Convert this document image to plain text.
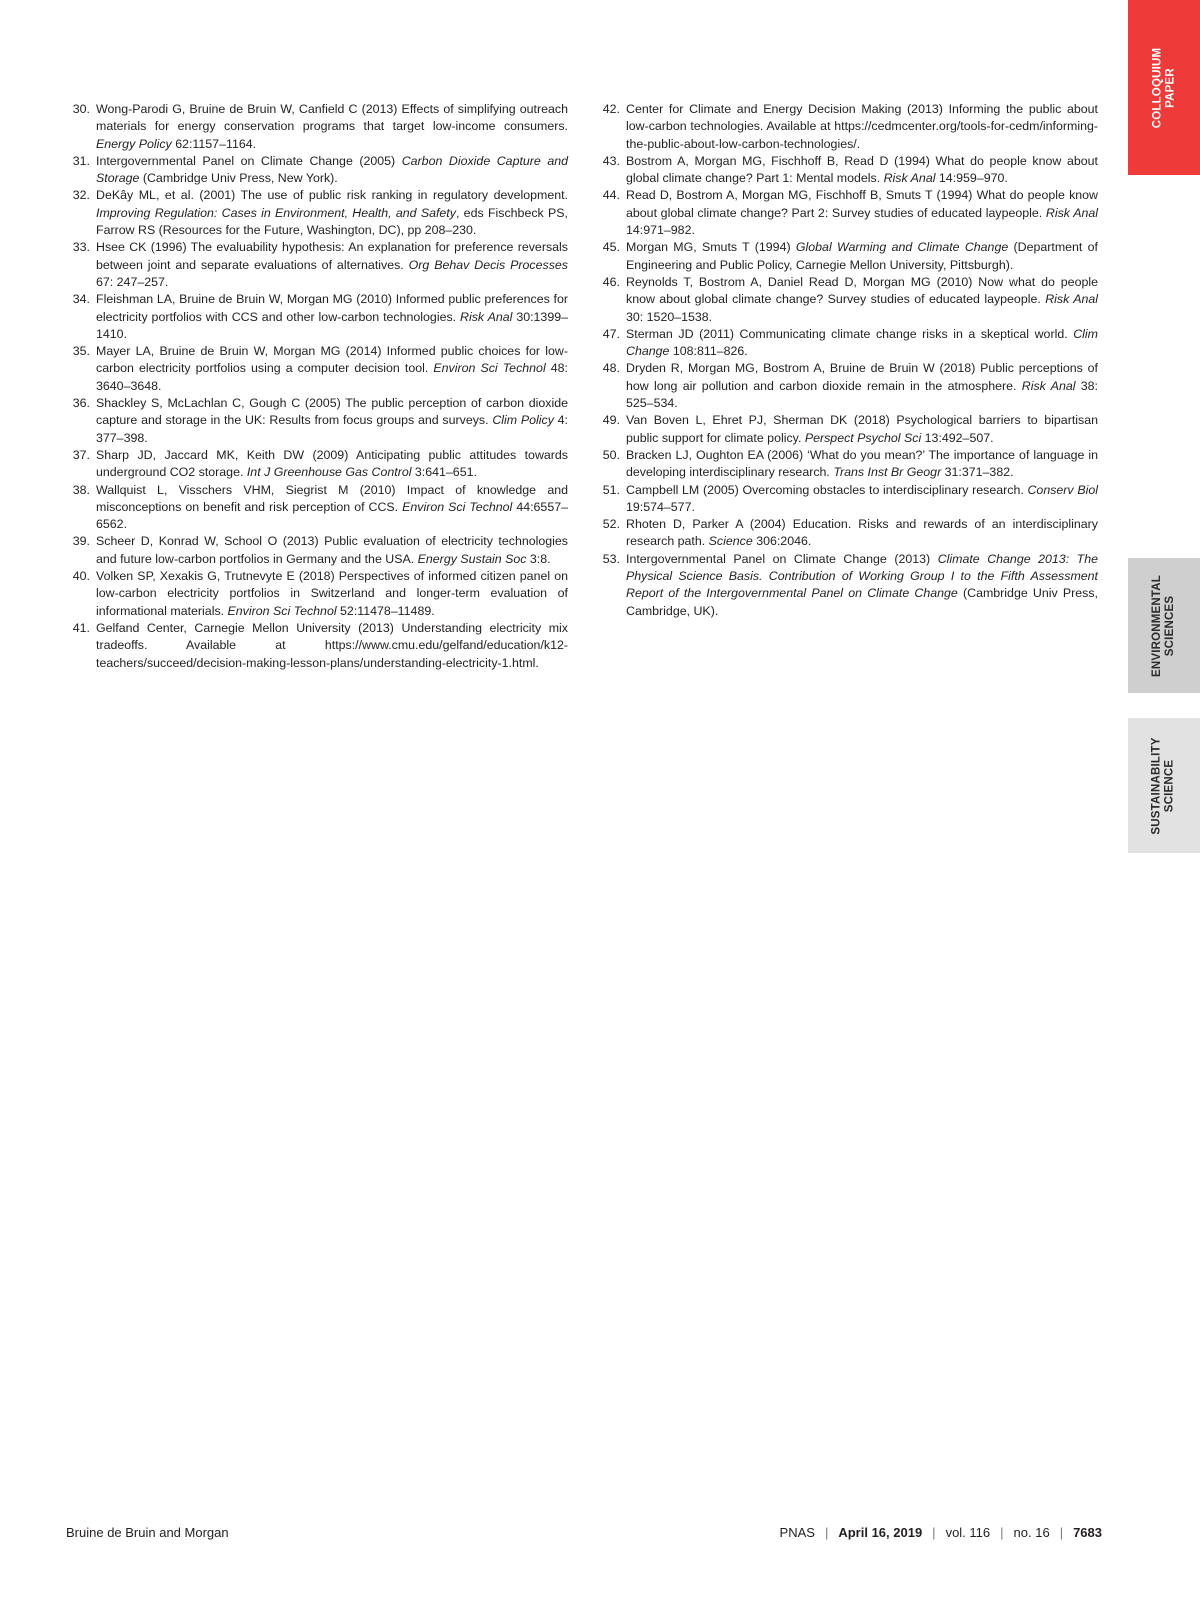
COLLOQUIUM
PAPER
ENVIRONMENTAL
SCIENCES
SUSTAINABILITY
SCIENCE
30. Wong-Parodi G, Bruine de Bruin W, Canfield C (2013) Effects of simplifying outreach materials for energy conservation programs that target low-income consumers. Energy Policy 62:1157–1164.
31. Intergovernmental Panel on Climate Change (2005) Carbon Dioxide Capture and Storage (Cambridge Univ Press, New York).
32. DeKây ML, et al. (2001) The use of public risk ranking in regulatory development. Improving Regulation: Cases in Environment, Health, and Safety, eds Fischbeck PS, Farrow RS (Resources for the Future, Washington, DC), pp 208–230.
33. Hsee CK (1996) The evaluability hypothesis: An explanation for preference reversals between joint and separate evaluations of alternatives. Org Behav Decis Processes 67: 247–257.
34. Fleishman LA, Bruine de Bruin W, Morgan MG (2010) Informed public preferences for electricity portfolios with CCS and other low-carbon technologies. Risk Anal 30:1399–1410.
35. Mayer LA, Bruine de Bruin W, Morgan MG (2014) Informed public choices for low-carbon electricity portfolios using a computer decision tool. Environ Sci Technol 48: 3640–3648.
36. Shackley S, McLachlan C, Gough C (2005) The public perception of carbon dioxide capture and storage in the UK: Results from focus groups and surveys. Clim Policy 4: 377–398.
37. Sharp JD, Jaccard MK, Keith DW (2009) Anticipating public attitudes towards underground CO2 storage. Int J Greenhouse Gas Control 3:641–651.
38. Wallquist L, Visschers VHM, Siegrist M (2010) Impact of knowledge and misconceptions on benefit and risk perception of CCS. Environ Sci Technol 44:6557–6562.
39. Scheer D, Konrad W, School O (2013) Public evaluation of electricity technologies and future low-carbon portfolios in Germany and the USA. Energy Sustain Soc 3:8.
40. Volken SP, Xexakis G, Trutnevyte E (2018) Perspectives of informed citizen panel on low-carbon electricity portfolios in Switzerland and longer-term evaluation of informational materials. Environ Sci Technol 52:11478–11489.
41. Gelfand Center, Carnegie Mellon University (2013) Understanding electricity mix tradeoffs. Available at https://www.cmu.edu/gelfand/education/k12-teachers/succeed/decision-making-lesson-plans/understanding-electricity-1.html.
42. Center for Climate and Energy Decision Making (2013) Informing the public about low-carbon technologies. Available at https://cedmcenter.org/tools-for-cedm/informing-the-public-about-low-carbon-technologies/.
43. Bostrom A, Morgan MG, Fischhoff B, Read D (1994) What do people know about global climate change? Part 1: Mental models. Risk Anal 14:959–970.
44. Read D, Bostrom A, Morgan MG, Fischhoff B, Smuts T (1994) What do people know about global climate change? Part 2: Survey studies of educated laypeople. Risk Anal 14:971–982.
45. Morgan MG, Smuts T (1994) Global Warming and Climate Change (Department of Engineering and Public Policy, Carnegie Mellon University, Pittsburgh).
46. Reynolds T, Bostrom A, Daniel Read D, Morgan MG (2010) Now what do people know about global climate change? Survey studies of educated laypeople. Risk Anal 30: 1520–1538.
47. Sterman JD (2011) Communicating climate change risks in a skeptical world. Clim Change 108:811–826.
48. Dryden R, Morgan MG, Bostrom A, Bruine de Bruin W (2018) Public perceptions of how long air pollution and carbon dioxide remain in the atmosphere. Risk Anal 38: 525–534.
49. Van Boven L, Ehret PJ, Sherman DK (2018) Psychological barriers to bipartisan public support for climate policy. Perspect Psychol Sci 13:492–507.
50. Bracken LJ, Oughton EA (2006) ‘What do you mean?’ The importance of language in developing interdisciplinary research. Trans Inst Br Geogr 31:371–382.
51. Campbell LM (2005) Overcoming obstacles to interdisciplinary research. Conserv Biol 19:574–577.
52. Rhoten D, Parker A (2004) Education. Risks and rewards of an interdisciplinary research path. Science 306:2046.
53. Intergovernmental Panel on Climate Change (2013) Climate Change 2013: The Physical Science Basis. Contribution of Working Group I to the Fifth Assessment Report of the Intergovernmental Panel on Climate Change (Cambridge Univ Press, Cambridge, UK).
Bruine de Bruin and Morgan	PNAS | April 16, 2019 | vol. 116 | no. 16 | 7683
